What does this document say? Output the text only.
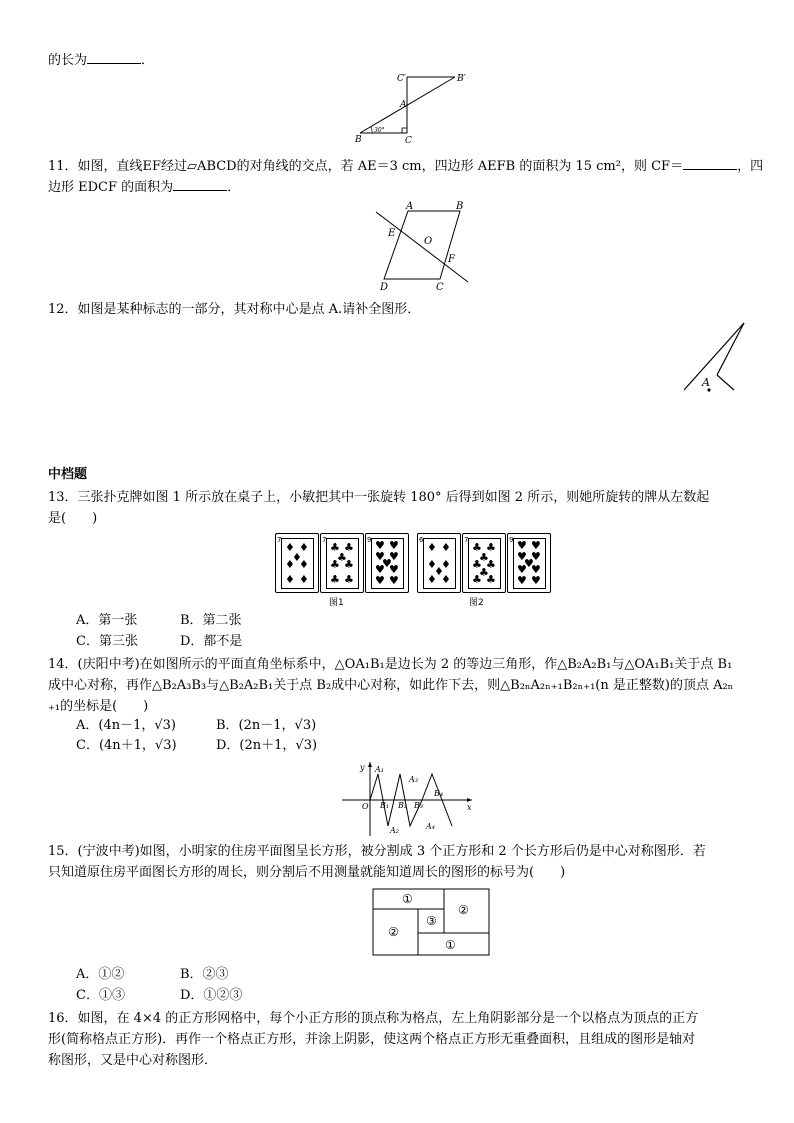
的长为	．
C′	B′
A
B	C
30°
11．如图，直线EF经过▱ABCD的对角线的交点，若 AE＝3 cm，四边形 AEFB 的面积为 15 cm²，则 CF＝	，四
边形 EDCF 的面积为	．
A	B
C
D
E
F
O
12．如图是某种标志的一部分，其对称中心是点 A.请补全图形．
A
中档题
13．三张扑克牌如图 1 所示放在桌子上，小敏把其中一张旋转 180° 后得到如图 2 所示，则她所旋转的牌从左数起
是(　　)
7
♦ ♦
♦
♦ ♦
♦ ♦
7
♣ ♣
♣
♣ ♣
♣ ♣
9 ♥ ♥
♥ ♥
♥
♥ ♥
♥ ♥
图1
6
♦ ♦
♦ ♦
♦
♦ ♦
7
♣ ♣
♣
♣ ♣
♣
♣ ♣
9 ♥ ♥
♥ ♥
♥
♥ ♥
♥ ♥
图2
A．第一张	B．第二张
C．第三张	D．都不是
14．(庆阳中考)在如图所示的平面直角坐标系中，△OA₁B₁是边长为 2 的等边三角形，作△B₂A₂B₁与△OA₁B₁关于点 B₁
成中心对称，再作△B₂A₃B₃与△B₂A₂B₁关于点 B₂成中心对称，如此作下去，则△B₂ₙA₂ₙ₊₁B₂ₙ₊₁(n 是正整数)的顶点 A₂ₙ
₊₁的坐标是(　　)
A．(4n－1，√3)	B．(2n－1，√3)
C．(4n＋1，√3)	D．(2n＋1，√3)
y
x
O
A₁
A₂
A₃
A₄
B₁ B₂ B₃
B₄
15．(宁波中考)如图，小明家的住房平面图呈长方形，被分割成 3 个正方形和 2 个长方形后仍是中心对称图形．若
只知道原住房平面图长方形的周长，则分割后不用测量就能知道周长的图形的标号为(　　)
①
②
③
②
①
A．①②	B．②③
C．①③	D．①②③
16．如图，在 4×4 的正方形网格中，每个小正方形的顶点称为格点，左上角阴影部分是一个以格点为顶点的正方
形(简称格点正方形)．再作一个格点正方形，并涂上阴影，使这两个格点正方形无重叠面积，且组成的图形是轴对
称图形，又是中心对称图形．
